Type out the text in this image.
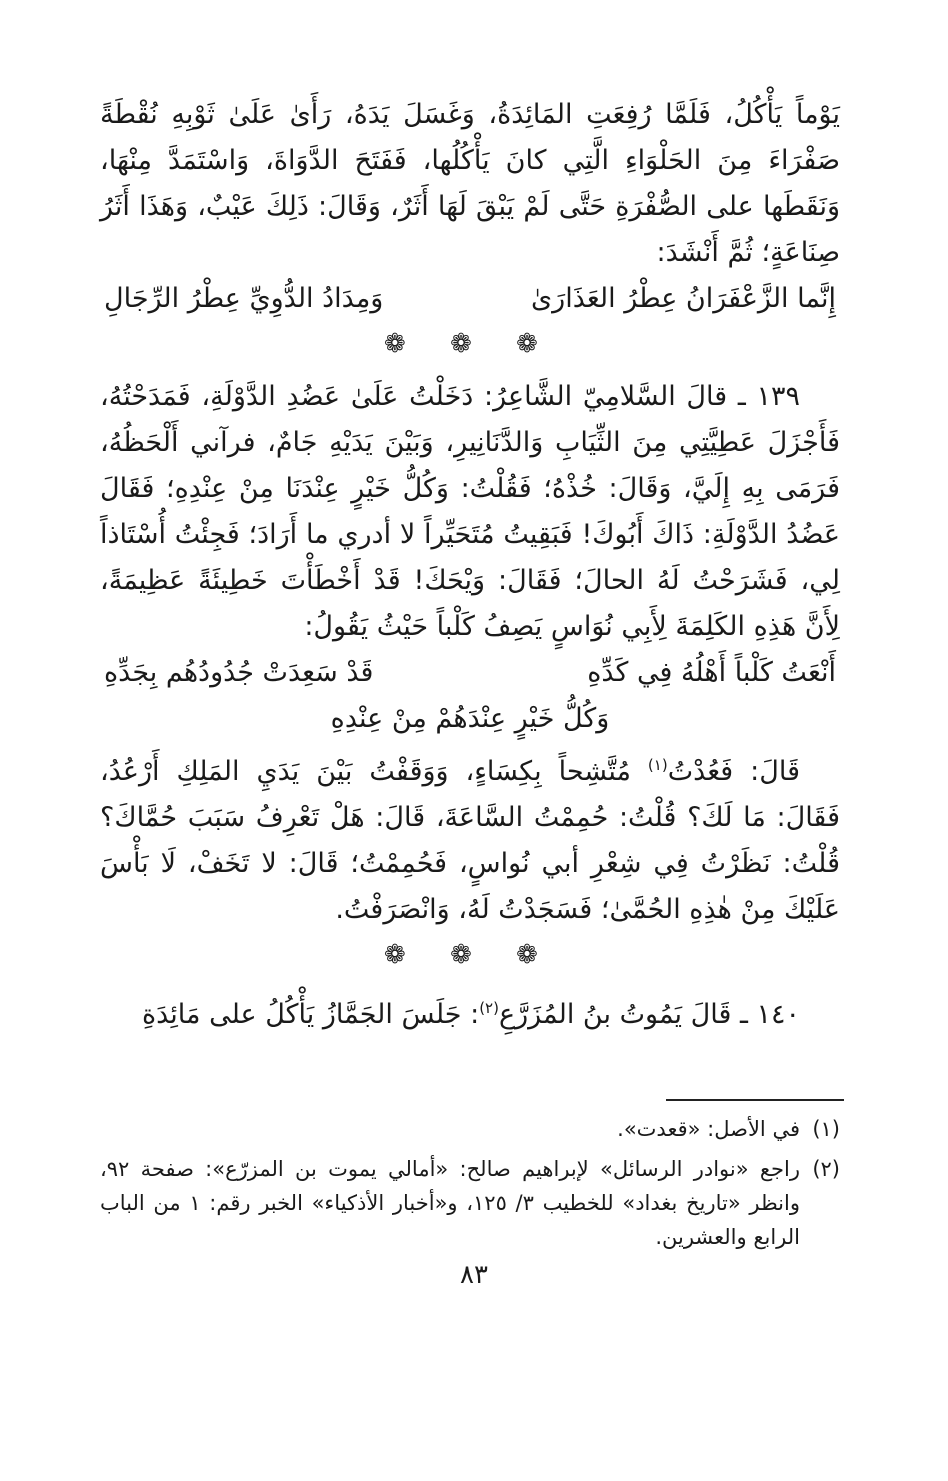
يَوْماً يَأْكُلُ، فَلَمَّا رُفِعَتِ المَائِدَةُ، وَغَسَلَ يَدَهُ، رَأَىٰ عَلَىٰ ثَوْبِهِ نُقْطَةً صَفْرَاءَ مِنَ الحَلْوَاءِ الَّتِي كانَ يَأْكُلُها، فَفَتَحَ الدَّوَاةَ، وَاسْتَمَدَّ مِنْهَا، وَنَقَطَها على الصُّفْرَةِ حَتَّى لَمْ يَبْقَ لَهَا أَثَرٌ، وَقَالَ: ذَلِكَ عَيْبٌ، وَهَذَا أَثَرُ صِنَاعَةٍ؛ ثُمَّ أَنْشَدَ:

إِنَّما الزَّعْفَرَانُ عِطْرُ العَذَارَىٰ
وَمِدَادُ الدُّوِيِّ عِطْرُ الرِّجَالِ
❁ ❁ ❁

١٣٩ ـ قالَ السَّلامِيّ الشَّاعِرُ: دَخَلْتُ عَلَىٰ عَضُدِ الدَّوْلَةِ، فَمَدَحْتُهُ، فَأَجْزَلَ عَطِيَّتِي مِنَ الثِّيَابِ وَالدَّنَانِيرِ، وَبَيْنَ يَدَيْهِ جَامٌ، فرآني أَلْحَظُهُ، فَرَمَى بِهِ إِلَيَّ، وَقَالَ: خُذْهُ؛ فَقُلْتُ: وَكُلُّ خَيْرٍ عِنْدَنَا مِنْ عِنْدِهِ؛ فَقَالَ عَضُدُ الدَّوْلَةِ: ذَاكَ أَبُوكَ! فَبَقِيتُ مُتَحَيِّراً لا أدري ما أَرَادَ؛ فَجِئْتُ أُسْتَاذاً لِي، فَشَرَحْتُ لَهُ الحالَ؛ فَقَالَ: وَيْحَكَ! قَدْ أَخْطَأْتَ خَطِيئَةً عَظِيمَةً، لِأَنَّ هَذِهِ الكَلِمَةَ لِأَبِي نُوَاسٍ يَصِفُ كَلْباً حَيْثُ يَقُولُ:

أَنْعَتُ كَلْباً أَهْلُهُ فِي كَدِّهِ
قَدْ سَعِدَتْ جُدُودُهُم بِجَدِّهِ
وَكُلُّ خَيْرٍ عِنْدَهُمْ مِنْ عِنْدِهِ

قَالَ: فَعُدْتُ$^{(١)}$ مُتَّشِحاً بِكِسَاءٍ، وَوَقَفْتُ بَيْنَ يَدَيِ المَلِكِ أَرْعُدُ، فَقَالَ: مَا لَكَ؟ قُلْتُ: حُمِمْتُ السَّاعَةَ، قَالَ: هَلْ تَعْرِفُ سَبَبَ حُمَّاكَ؟ قُلْتُ: نَظَرْتُ فِي شِعْرِ أبي نُواسٍ، فَحُمِمْتُ؛ قَالَ: لا تَخَفْ، لَا بَأْسَ عَلَيْكَ مِنْ هٰذِهِ الحُمَّىٰ؛ فَسَجَدْتُ لَهُ، وَانْصَرَفْتُ.

❁ ❁ ❁

١٤٠ ـ قَالَ يَمُوتُ بنُ المُزَرَّعِ$^{(٢)}$: جَلَسَ الجَمَّازُ يَأْكُلُ على مَائِدَةِ

(١)
في الأصل: «قعدت».
(٢)
راجع «نوادر الرسائل» لإبراهيم صالح: «أمالي يموت بن المزرّع»: صفحة ٩٢، وانظر «تاريخ بغداد» للخطيب ٣/ ١٢٥، و«أخبار الأذكياء» الخبر رقم: ١ من الباب الرابع والعشرين.
٨٣
